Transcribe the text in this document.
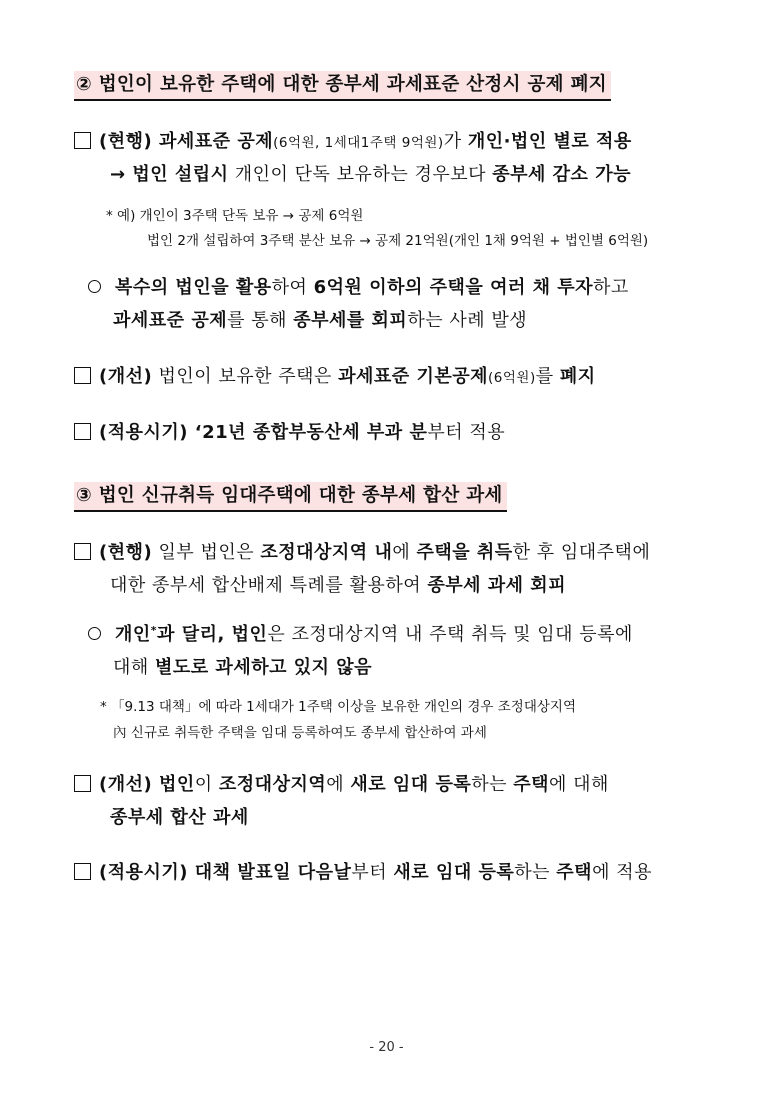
② 법인이 보유한 주택에 대한 종부세 과세표준 산정시 공제 폐지
(현행) 과세표준 공제(6억원, 1세대1주택 9억원)가 개인·법인 별로 적용
→ 법인 설립시 개인이 단독 보유하는 경우보다 종부세 감소 가능
* 예) 개인이 3주택 단독 보유 → 공제 6억원
법인 2개 설립하여 3주택 분산 보유 → 공제 21억원(개인 1채 9억원 + 법인별 6억원)
복수의 법인을 활용하여 6억원 이하의 주택을 여러 채 투자하고
과세표준 공제를 통해 종부세를 회피하는 사례 발생
(개선) 법인이 보유한 주택은 과세표준 기본공제(6억원)를 폐지
(적용시기) ‘21년 종합부동산세 부과 분부터 적용
③ 법인 신규취득 임대주택에 대한 종부세 합산 과세
(현행) 일부 법인은 조정대상지역 내에 주택을 취득한 후 임대주택에
대한 종부세 합산배제 특례를 활용하여 종부세 과세 회피
개인*과 달리, 법인은 조정대상지역 내 주택 취득 및 임대 등록에
대해 별도로 과세하고 있지 않음
* 「9.13 대책」에 따라 1세대가 1주택 이상을 보유한 개인의 경우 조정대상지역
內 신규로 취득한 주택을 임대 등록하여도 종부세 합산하여 과세
(개선) 법인이 조정대상지역에 새로 임대 등록하는 주택에 대해
종부세 합산 과세
(적용시기) 대책 발표일 다음날부터 새로 임대 등록하는 주택에 적용
- 20 -
